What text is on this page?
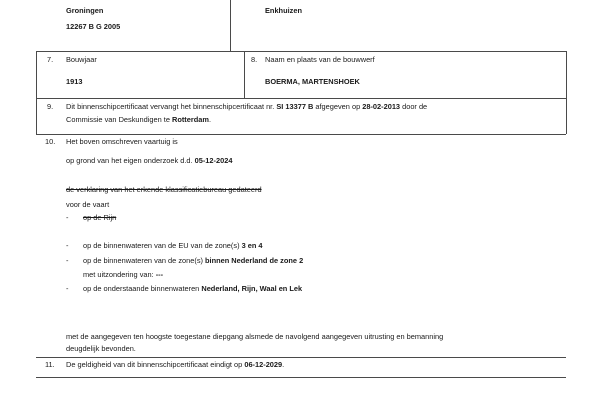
Groningen
12267 B G 2005
Enkhuizen
7. Bouwjaar
1913
8. Naam en plaats van de bouwwerf
BOERMA, MARTENSHOEK
9. Dit binnenschipcertificaat vervangt het binnenschipcertificaat nr. SI 13377 B afgegeven op 28-02-2013 door de
Commissie van Deskundigen te Rotterdam.
10. Het boven omschreven vaartuig is
op grond van het eigen onderzoek d.d. 05-12-2024
de verklaring van het erkende klassificatiebureau gedateerd
voor de vaart
- op de Rijn
- op de binnenwateren van de EU van de zone(s) 3 en 4
- op de binnenwateren van de zone(s) binnen Nederland de zone 2
met uitzondering van: ---
- op de onderstaande binnenwateren Nederland, Rijn, Waal en Lek
met de aangegeven ten hoogste toegestane diepgang alsmede de navolgend aangegeven uitrusting en bemanning
deugdelijk bevonden.
11. De geldigheid van dit binnenschipcertificaat eindigt op 06-12-2029.
